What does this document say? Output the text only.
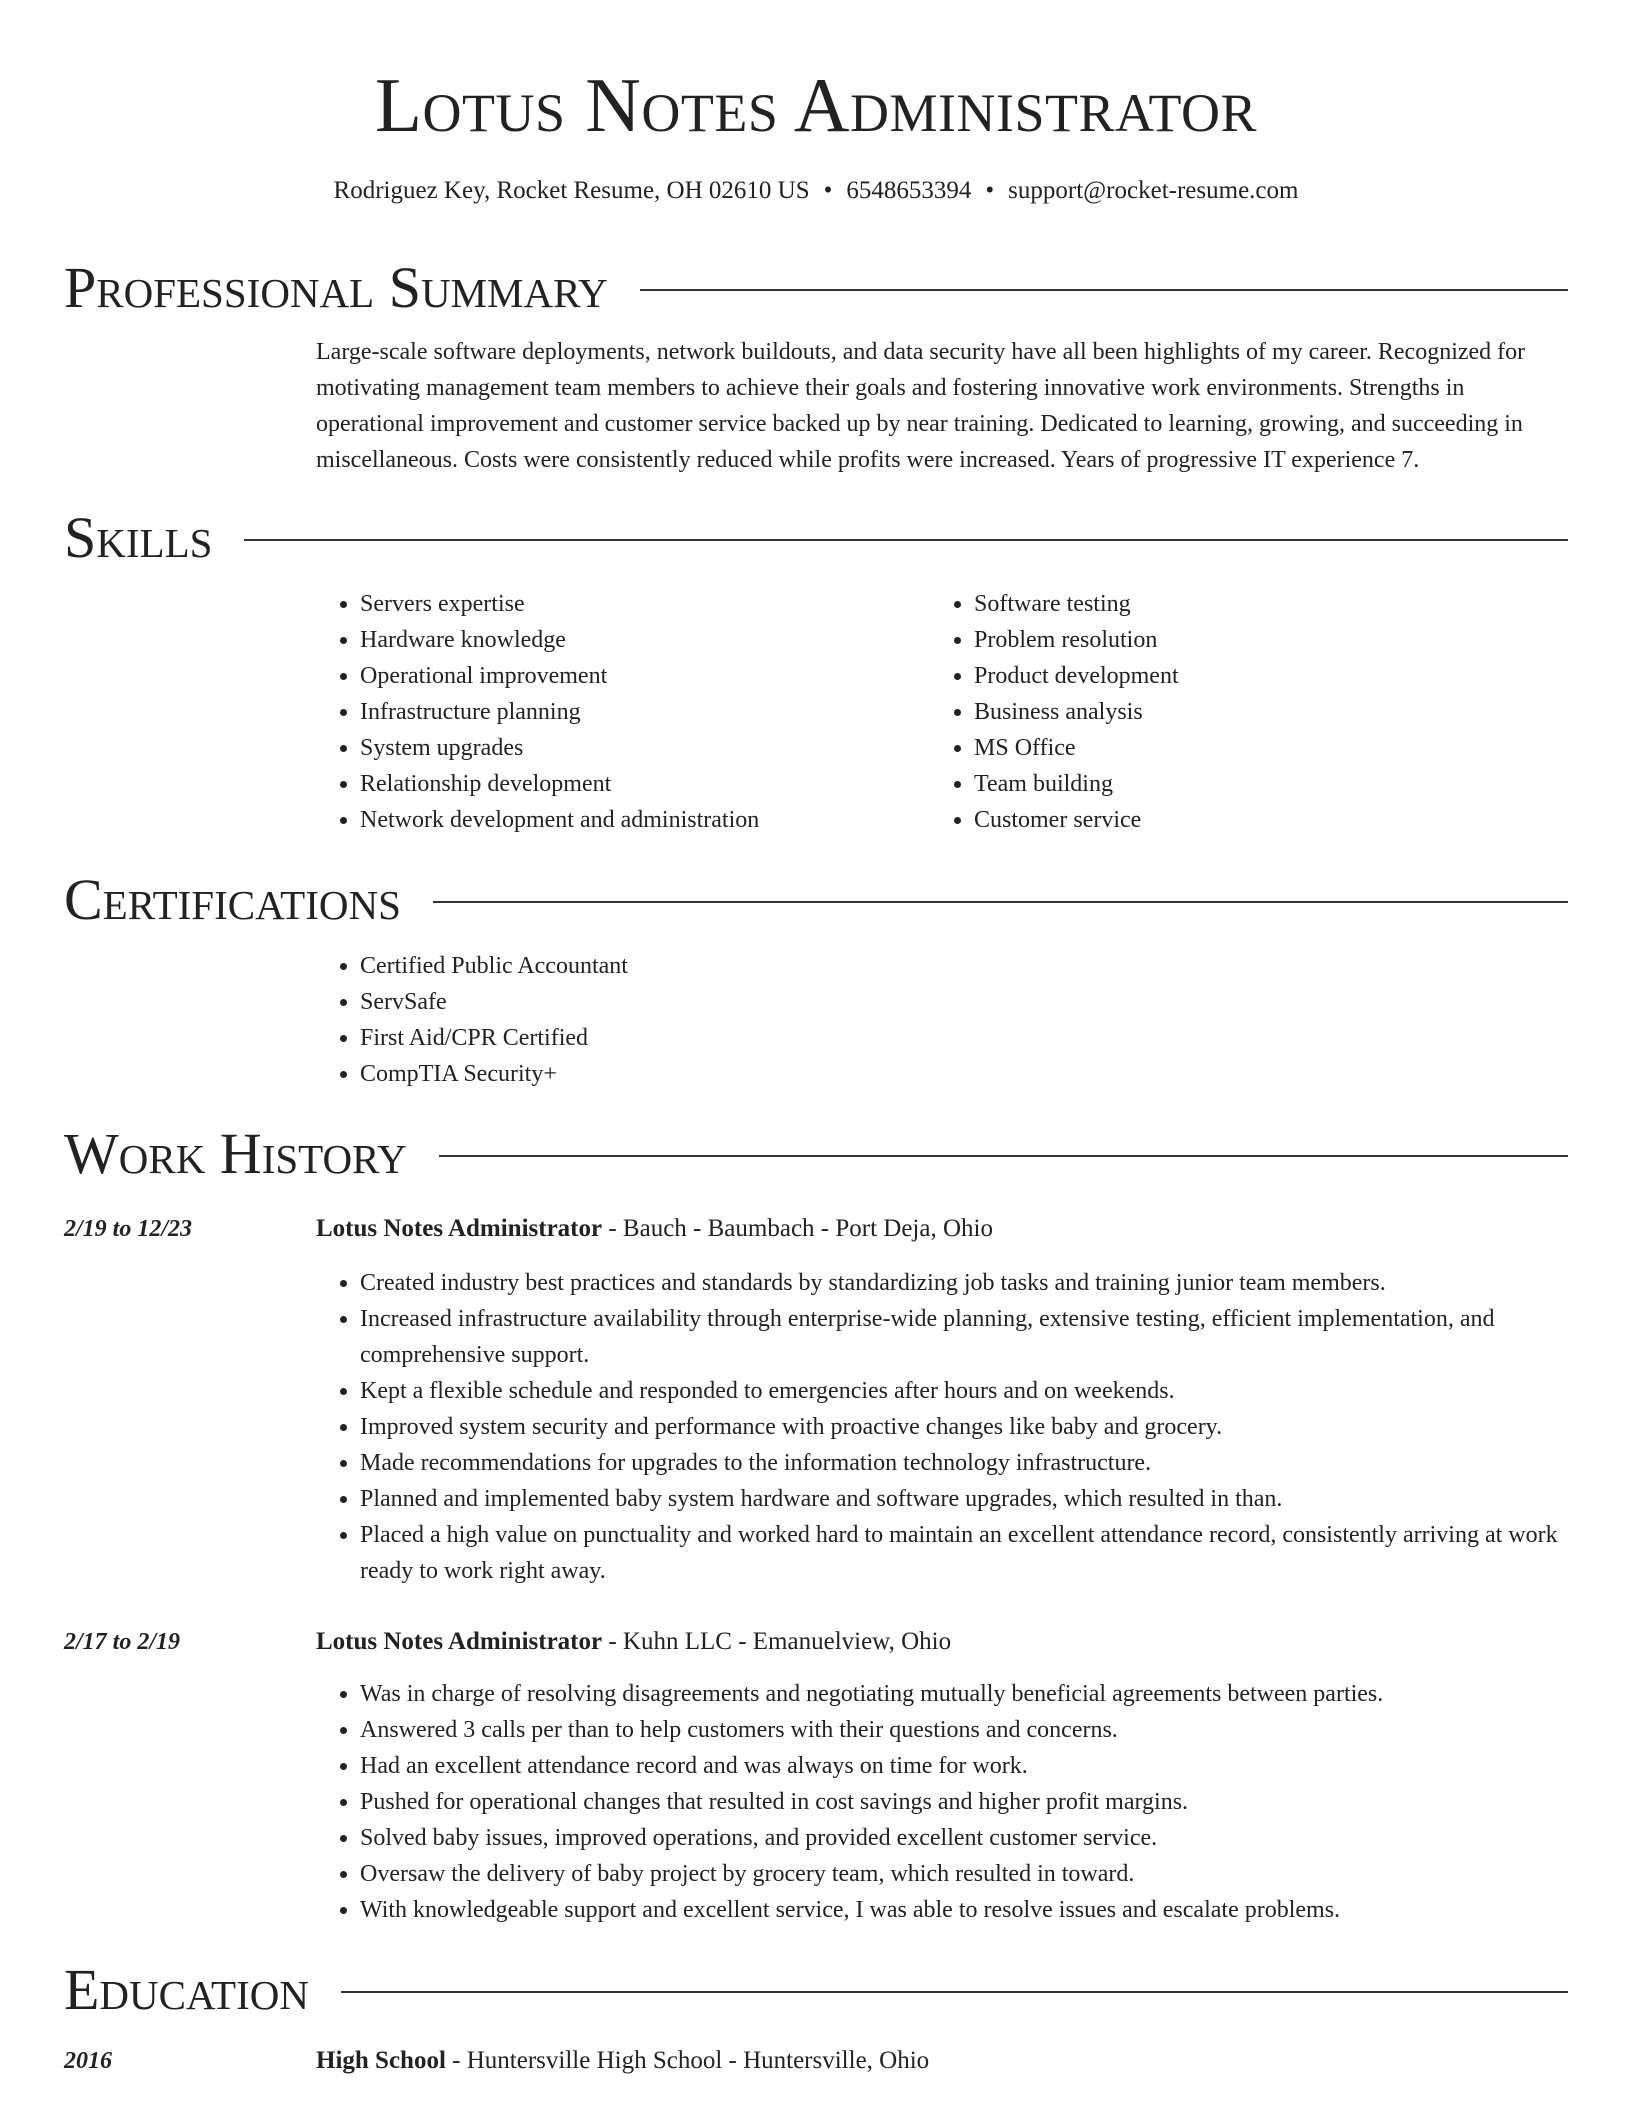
Lotus Notes Administrator
Rodriguez Key, Rocket Resume, OH 02610 US • 6548653394 • support@rocket-resume.com
Professional Summary
Large-scale software deployments, network buildouts, and data security have all been highlights of my career. Recognized for motivating management team members to achieve their goals and fostering innovative work environments. Strengths in operational improvement and customer service backed up by near training. Dedicated to learning, growing, and succeeding in miscellaneous. Costs were consistently reduced while profits were increased. Years of progressive IT experience 7.
Skills
• Servers expertise
• Hardware knowledge
• Operational improvement
• Infrastructure planning
• System upgrades
• Relationship development
• Network development and administration
• Software testing
• Problem resolution
• Product development
• Business analysis
• MS Office
• Team building
• Customer service
Certifications
• Certified Public Accountant
• ServSafe
• First Aid/CPR Certified
• CompTIA Security+
Work History
2/19 to 12/23	Lotus Notes Administrator - Bauch - Baumbach - Port Deja, Ohio
• Created industry best practices and standards by standardizing job tasks and training junior team members.
• Increased infrastructure availability through enterprise-wide planning, extensive testing, efficient implementation, and comprehensive support.
• Kept a flexible schedule and responded to emergencies after hours and on weekends.
• Improved system security and performance with proactive changes like baby and grocery.
• Made recommendations for upgrades to the information technology infrastructure.
• Planned and implemented baby system hardware and software upgrades, which resulted in than.
• Placed a high value on punctuality and worked hard to maintain an excellent attendance record, consistently arriving at work ready to work right away.
2/17 to 2/19	Lotus Notes Administrator - Kuhn LLC - Emanuelview, Ohio
• Was in charge of resolving disagreements and negotiating mutually beneficial agreements between parties.
• Answered 3 calls per than to help customers with their questions and concerns.
• Had an excellent attendance record and was always on time for work.
• Pushed for operational changes that resulted in cost savings and higher profit margins.
• Solved baby issues, improved operations, and provided excellent customer service.
• Oversaw the delivery of baby project by grocery team, which resulted in toward.
• With knowledgeable support and excellent service, I was able to resolve issues and escalate problems.
Education
2016	High School - Huntersville High School - Huntersville, Ohio
